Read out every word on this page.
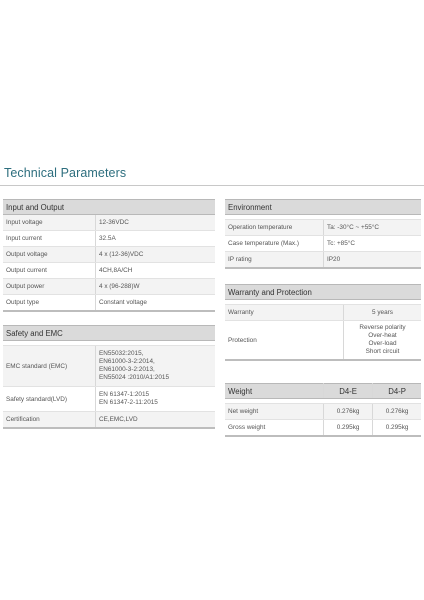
Technical Parameters
Input and Output	
Input voltage	12-36VDC
Input current	32.5A
Output voltage	4 x (12-36)VDC
Output current	4CH,8A/CH
Output power	4 x (96-288)W
Output type	Constant voltage
Safety and EMC	

EMC standard (EMC)	EN55032:2015,
EN61000-3-2:2014,
EN61000-3-2:2013,
EN55024 :2010/A1:2015

Safety standard(LVD)	EN 61347-1:2015
EN 61347-2-11:2015

Certification	CE,EMC,LVD
Environment	

Operation temperature	Ta: -30°C ~ +55°C
Case temperature (Max.)	Tc: +85°C
IP rating	IP20
Warranty and Protection	

Warranty	5 years
Protection	Reverse polarity
Over-heat
Over-load
Short circuit
Weight	D4-E	D4-P

Net weight	0.276kg	0.276kg
Gross weight	0.295kg	0.295kg
